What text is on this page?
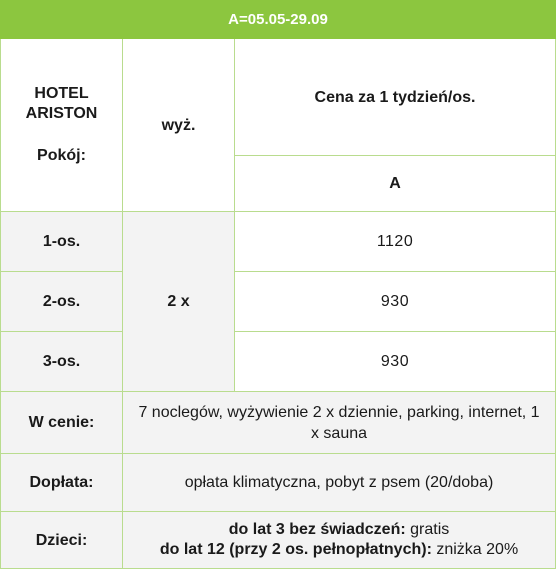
A=05.05-29.09		

HOTEL ARISTON
Pokój:	wyż.	Cena za 1 tydzień/os.
		A
1-os.	2 x	1120
2-os.		930
3-os.		930
W cenie:	7 noclegów, wyżywienie 2 x dziennie, parking, internet, 1 x sauna	
Dopłata:	opłata klimatyczna, pobyt z psem (20/doba)	
Dzieci:	do lat 3 bez świadczeń: gratis
do lat 12 (przy 2 os. pełnopłatnych): zniżka 20%	
